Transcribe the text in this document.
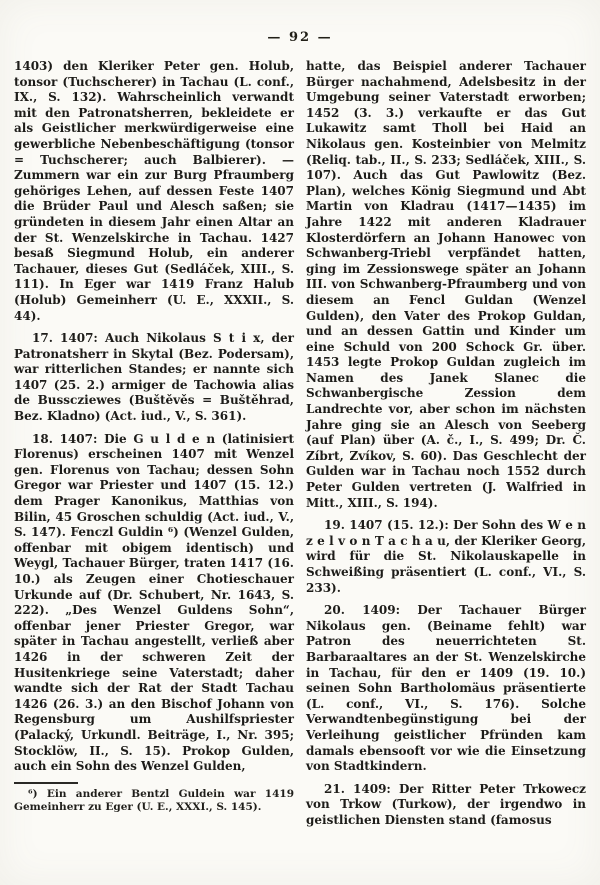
— 92 —

1403) den Kleriker Peter gen. Holub, tonsor (Tuchscherer) in Tachau (L. conf., IX., S. 132). Wahrscheinlich verwandt mit den Patronatsherren, bekleidete er als Geistlicher merkwürdigerweise eine gewerbliche Nebenbeschäftigung (tonsor = Tuchscherer; auch Balbierer). — Zummern war ein zur Burg Pfraumberg gehöriges Lehen, auf dessen Feste 1407 die Brüder Paul und Alesch saßen; sie gründeten in diesem Jahr einen Altar an der St. Wenzelskirche in Tachau. 1427 besaß Siegmund Holub, ein anderer Tachauer, dieses Gut (Sedláček, XIII., S. 111). In Eger war 1419 Franz Halub (Holub) Gemeinherr (U. E., XXXII., S. 44).

17. 1407: Auch Nikolaus S t i x, der Patronatsherr in Skytal (Bez. Podersam), war ritterlichen Standes; er nannte sich 1407 (25. 2.) armiger de Tachowia alias de Busscziewes (Buštěvěs = Buštěhrad, Bez. Kladno) (Act. iud., V., S. 361).

18. 1407: Die G u l d e n (latinisiert Florenus) erscheinen 1407 mit Wenzel gen. Florenus von Tachau; dessen Sohn Gregor war Priester und 1407 (15. 12.) dem Prager Kanonikus, Matthias von Bilin, 45 Groschen schuldig (Act. iud., V., S. 147). Fenczl Guldin ⁶) (Wenzel Gulden, offenbar mit obigem identisch) und Weygl, Tachauer Bürger, traten 1417 (16. 10.) als Zeugen einer Chotieschauer Urkunde auf (Dr. Schubert, Nr. 1643, S. 222). „Des Wenzel Guldens Sohn“, offenbar jener Priester Gregor, war später in Tachau angestellt, verließ aber 1426 in der schweren Zeit der Husitenkriege seine Vaterstadt; daher wandte sich der Rat der Stadt Tachau 1426 (26. 3.) an den Bischof Johann von Regensburg um Aushilfspriester (Palacký, Urkundl. Beiträge, I., Nr. 395; Stocklöw, II., S. 15). Prokop Gulden, auch ein Sohn des Wenzel Gulden,

⁶) Ein anderer Bentzl Guldein war 1419 Gemeinherr zu Eger (U. E., XXXI., S. 145).

hatte, das Beispiel anderer Tachauer Bürger nachahmend, Adelsbesitz in der Umgebung seiner Vaterstadt erworben; 1452 (3. 3.) verkaufte er das Gut Lukawitz samt Tholl bei Haid an Nikolaus gen. Kosteinbier von Melmitz (Reliq. tab., II., S. 233; Sedláček, XIII., S. 107). Auch das Gut Pawlowitz (Bez. Plan), welches König Siegmund und Abt Martin von Kladrau (1417—1435) im Jahre 1422 mit anderen Kladrauer Klosterdörfern an Johann Hanowec von Schwanberg-Triebl verpfändet hatten, ging im Zessionswege später an Johann III. von Schwanberg-Pfraumberg und von diesem an Fencl Guldan (Wenzel Gulden), den Vater des Prokop Guldan, und an dessen Gattin und Kinder um eine Schuld von 200 Schock Gr. über. 1453 legte Prokop Guldan zugleich im Namen des Janek Slanec die Schwanbergische Zession dem Landrechte vor, aber schon im nächsten Jahre ging sie an Alesch von Seeberg (auf Plan) über (A. č., I., S. 499; Dr. Č. Zíbrt, Zvíkov, S. 60). Das Geschlecht der Gulden war in Tachau noch 1552 durch Peter Gulden vertreten (J. Walfried in Mitt., XIII., S. 194).

19. 1407 (15. 12.): Der Sohn des W e n z e l v o n T a c h a u, der Kleriker Georg, wird für die St. Nikolauskapelle in Schweißing präsentiert (L. conf., VI., S. 233).

20. 1409: Der Tachauer Bürger Nikolaus gen. (Beiname fehlt) war Patron des neuerrichteten St. Barbaraaltares an der St. Wenzelskirche in Tachau, für den er 1409 (19. 10.) seinen Sohn Bartholomäus präsentierte (L. conf., VI., S. 176). Solche Verwandtenbegünstigung bei der Verleihung geistlicher Pfründen kam damals ebensooft vor wie die Einsetzung von Stadtkindern.

21. 1409: Der Ritter Peter Trkowecz von Trkow (Turkow), der irgendwo in geistlichen Diensten stand (famosus
